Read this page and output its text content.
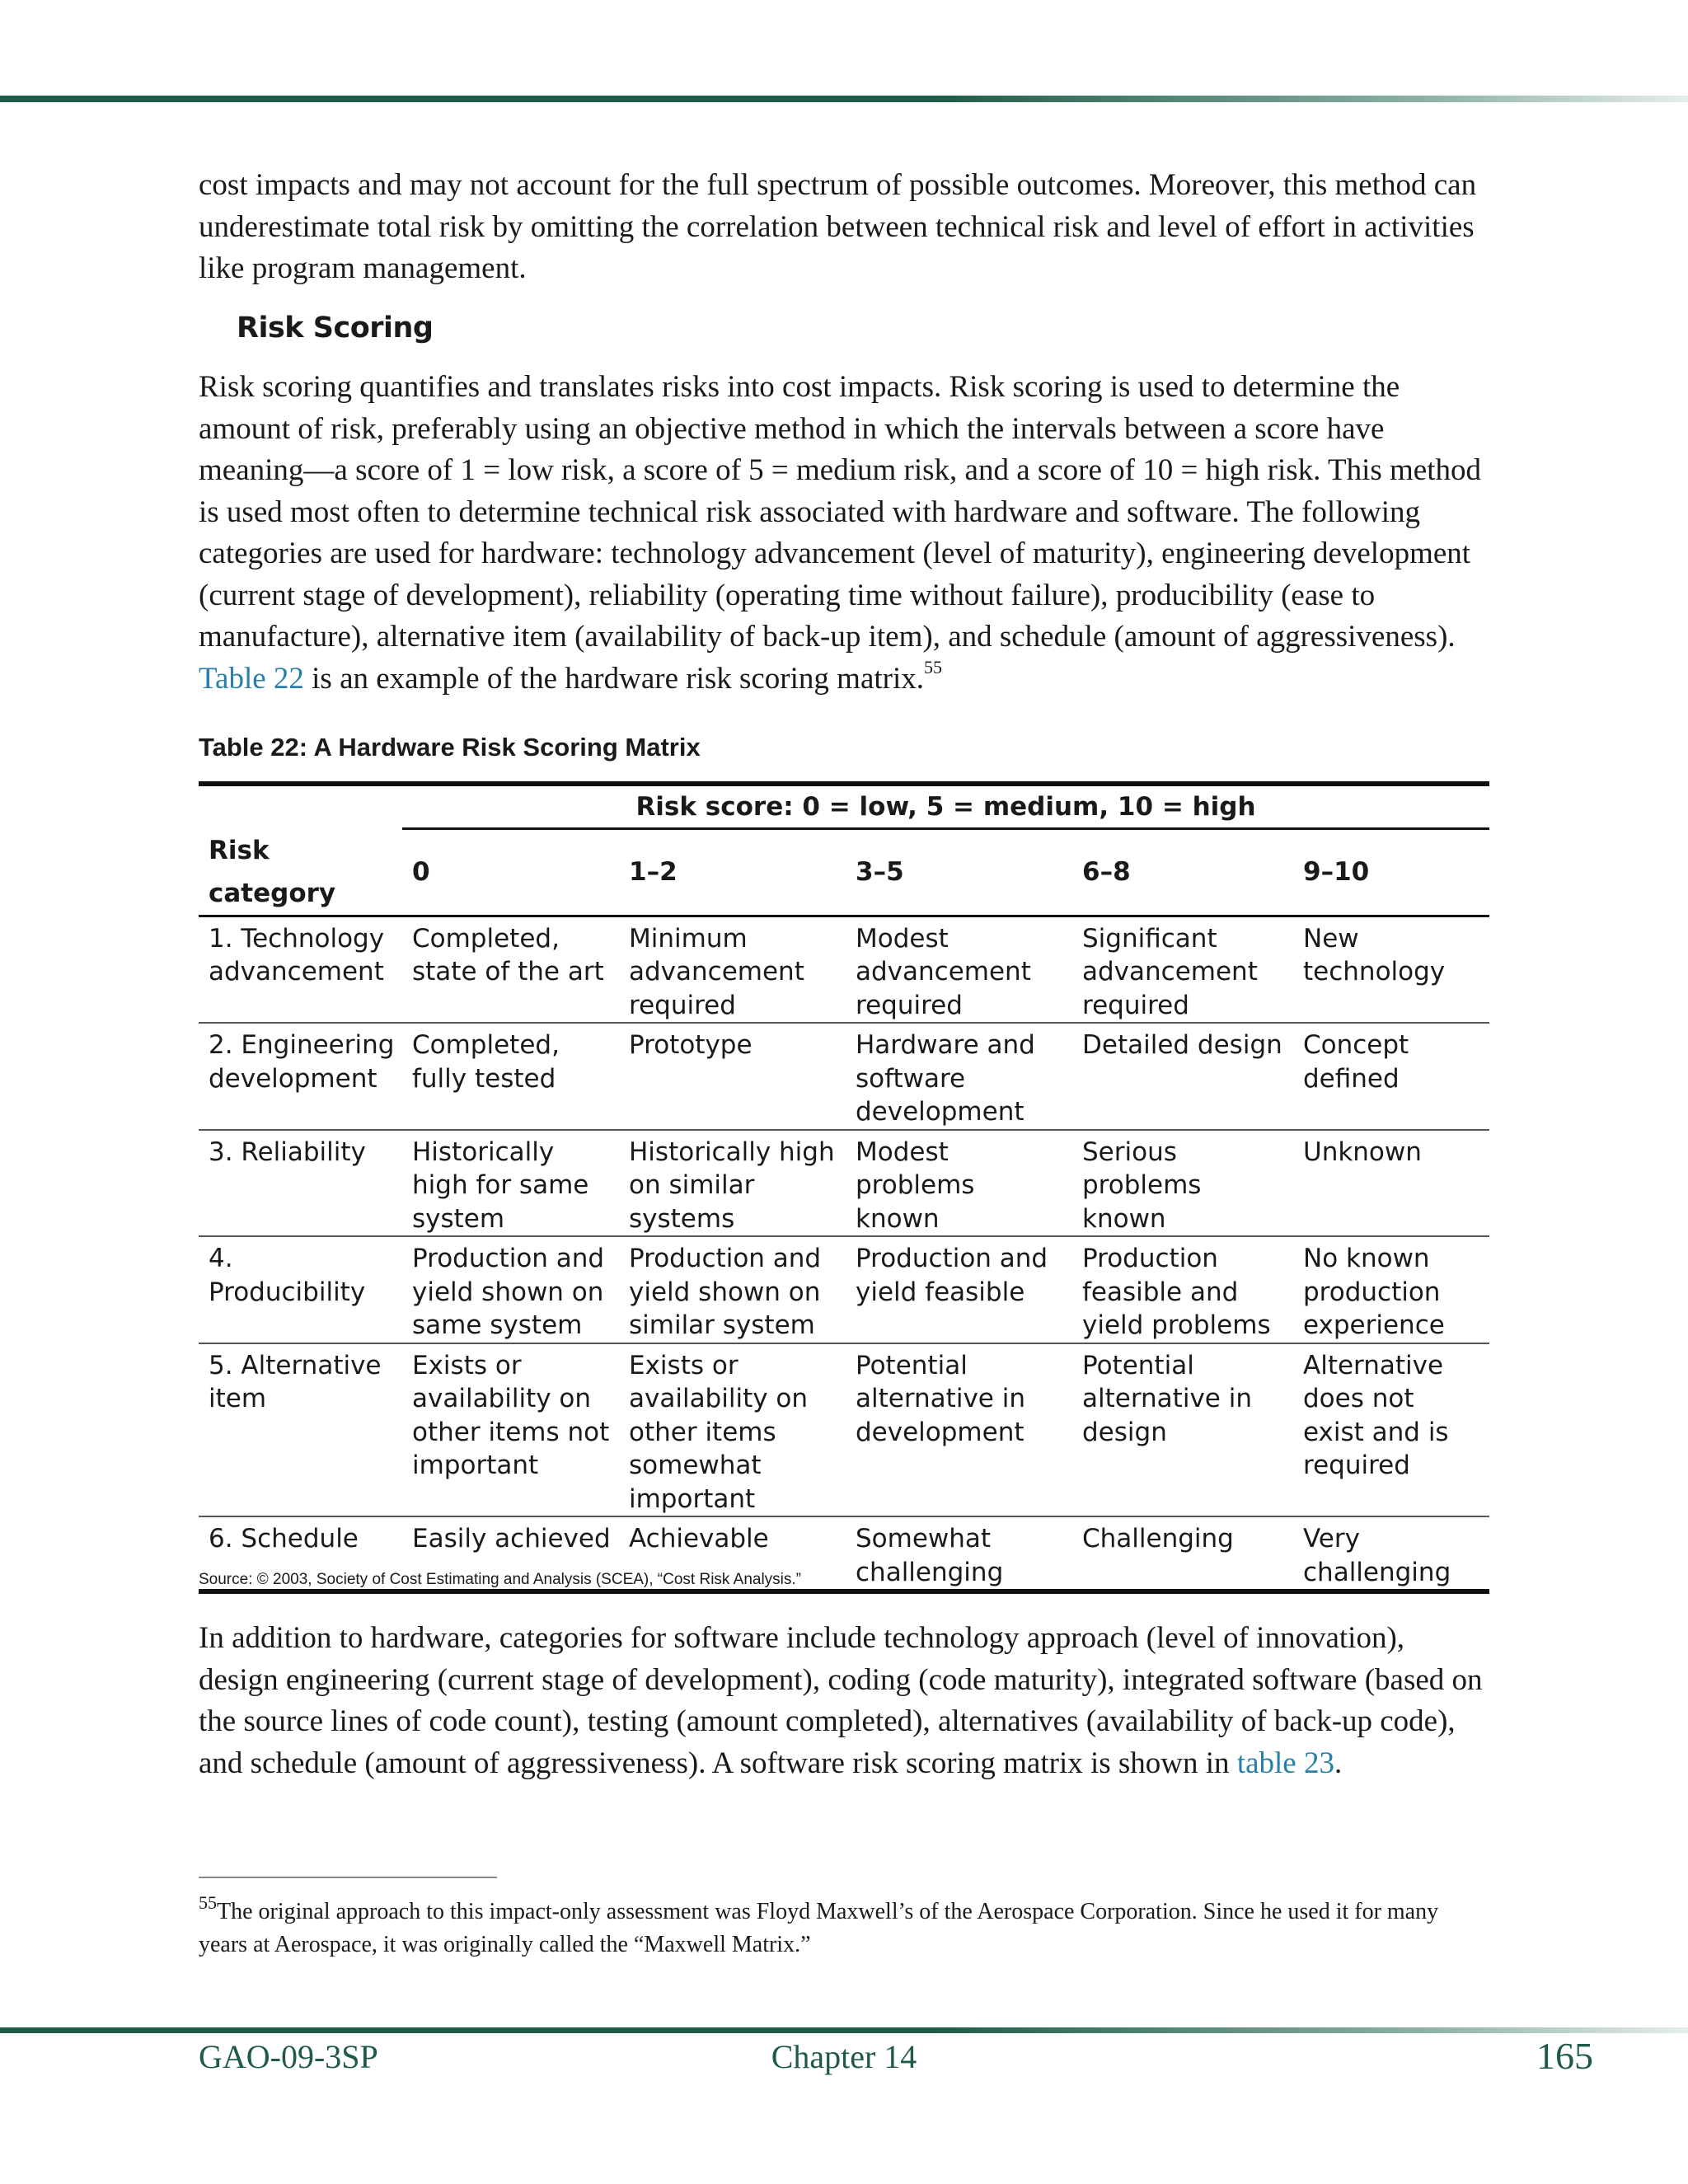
cost impacts and may not account for the full spectrum of possible outcomes. Moreover, this method can underestimate total risk by omitting the correlation between technical risk and level of effort in activities like program management.

Risk Scoring

Risk scoring quantifies and translates risks into cost impacts. Risk scoring is used to determine the amount of risk, preferably using an objective method in which the intervals between a score have meaning—a score of 1 = low risk, a score of 5 = medium risk, and a score of 10 = high risk. This method is used most often to determine technical risk associated with hardware and software. The following categories are used for hardware: technology advancement (level of maturity), engineering development (current stage of development), reliability (operating time without failure), producibility (ease to manufacture), alternative item (availability of back-up item), and schedule (amount of aggressiveness). Table 22 is an example of the hardware risk scoring matrix.$^{55}$

Table 22: A Hardware Risk Scoring Matrix
	Risk score: 0 = low, 5 = medium, 10 = high				
Risk category	0	1–2	3–5	6–8	9–10
1. Technology advancement	Completed, state of the art	Minimum advancement required	Modest advancement required	Significant advancement required	New technology
2. Engineering development	Completed, fully tested	Prototype	Hardware and software development	Detailed design	Concept defined
3. Reliability	Historically high for same system	Historically high on similar systems	Modest problems known	Serious problems known	Unknown
4. Producibility	Production and yield shown on same system	Production and yield shown on similar system	Production and yield feasible	Production feasible and yield problems	No known production experience
5. Alternative item	Exists or availability on other items not important	Exists or availability on other items somewhat important	Potential alternative in development	Potential alternative in design	Alternative does not exist and is required
6. Schedule	Easily achieved	Achievable	Somewhat challenging	Challenging	Very challenging
Source: © 2003, Society of Cost Estimating and Analysis (SCEA), “Cost Risk Analysis.”

In addition to hardware, categories for software include technology approach (level of innovation), design engineering (current stage of development), coding (code maturity), integrated software (based on the source lines of code count), testing (amount completed), alternatives (availability of back-up code), and schedule (amount of aggressiveness). A software risk scoring matrix is shown in table 23.

$^{55}$The original approach to this impact-only assessment was Floyd Maxwell’s of the Aerospace Corporation. Since he used it for many years at Aerospace, it was originally called the “Maxwell Matrix.”
GAO-09-3SP	Chapter 14	165
